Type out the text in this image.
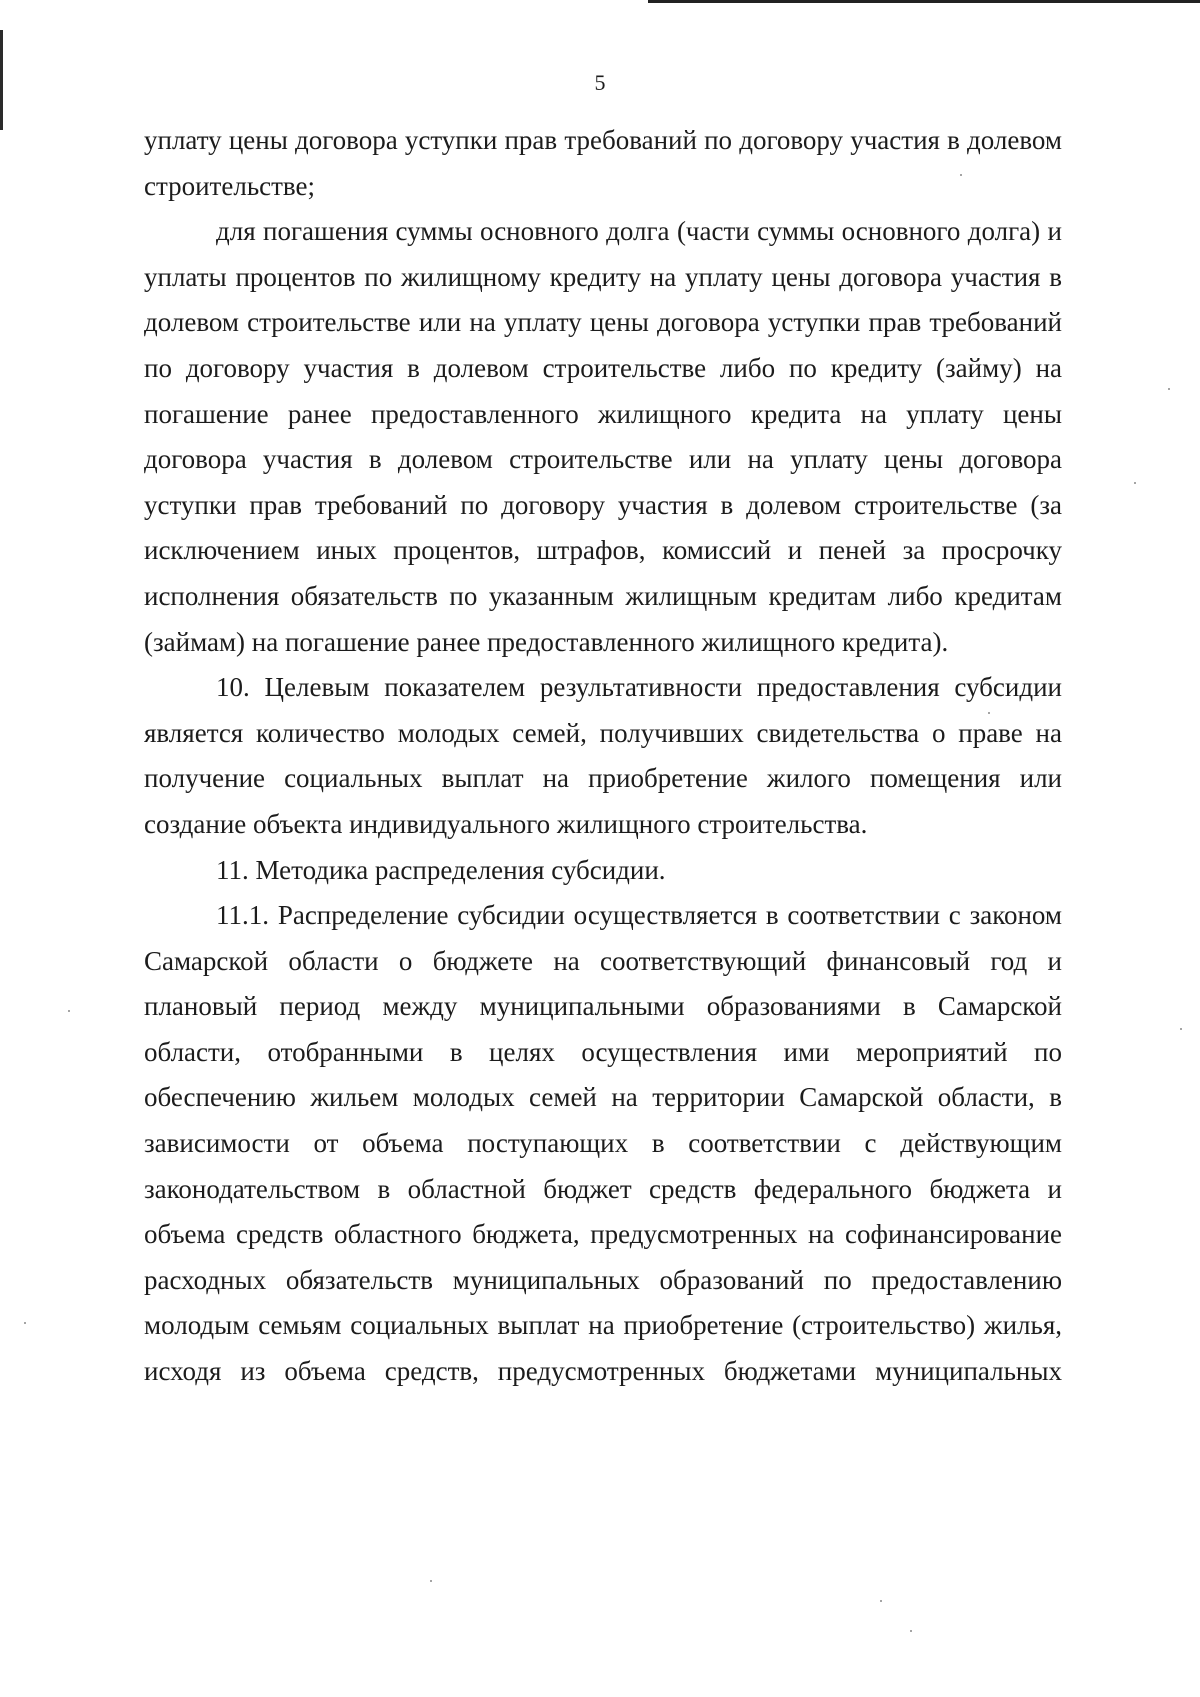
5

уплату цены договора уступки прав требований по договору участия в долевом строительстве;

для погашения суммы основного долга (части суммы основного долга) и уплаты процентов по жилищному кредиту на уплату цены договора участия в долевом строительстве или на уплату цены договора уступки прав требований по договору участия в долевом строительстве либо по кредиту (займу) на погашение ранее предоставленного жилищного кредита на уплату цены договора участия в долевом строительстве или на уплату цены договора уступки прав требований по договору участия в долевом строительстве (за исключением иных процентов, штрафов, комиссий и пеней за просрочку исполнения обязательств по указанным жилищным кредитам либо кредитам (займам) на погашение ранее предоставленного жилищного кредита).

10. Целевым показателем результативности предоставления субсидии является количество молодых семей, получивших свидетельства о праве на получение социальных выплат на приобретение жилого помещения или создание объекта индивидуального жилищного строительства.

11. Методика распределения субсидии.

11.1. Распределение субсидии осуществляется в соответствии с законом Самарской области о бюджете на соответствующий финансовый год и плановый период между муниципальными образованиями в Самарской области, отобранными в целях осуществления ими мероприятий по обеспечению жильем молодых семей на территории Самарской области, в зависимости от объема поступающих в соответствии с действующим законодательством в областной бюджет средств федерального бюджета и объема средств областного бюджета, предусмотренных на софинансирование расходных обязательств муниципальных образований по предоставлению молодым семьям социальных выплат на приобретение (строительство) жилья, исходя из объема средств, предусмотренных бюджетами муниципальных
